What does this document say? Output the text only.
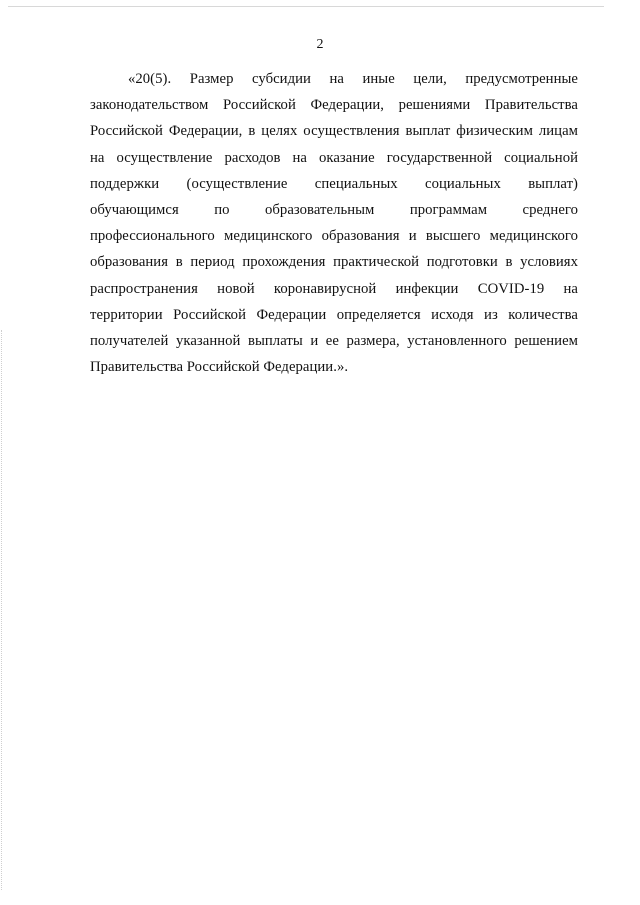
2
«20(5). Размер субсидии на иные цели, предусмотренные
законодательством Российской Федерации, решениями Правительства
Российской Федерации, в целях осуществления выплат физическим лицам
на осуществление расходов на оказание государственной социальной
поддержки (осуществление специальных социальных выплат)
обучающимся по образовательным программам среднего
профессионального медицинского образования и высшего медицинского
образования в период прохождения практической подготовки в условиях
распространения новой коронавирусной инфекции COVID-19 на
территории Российской Федерации определяется исходя из количества
получателей указанной выплаты и ее размера, установленного решением
Правительства Российской Федерации.».
